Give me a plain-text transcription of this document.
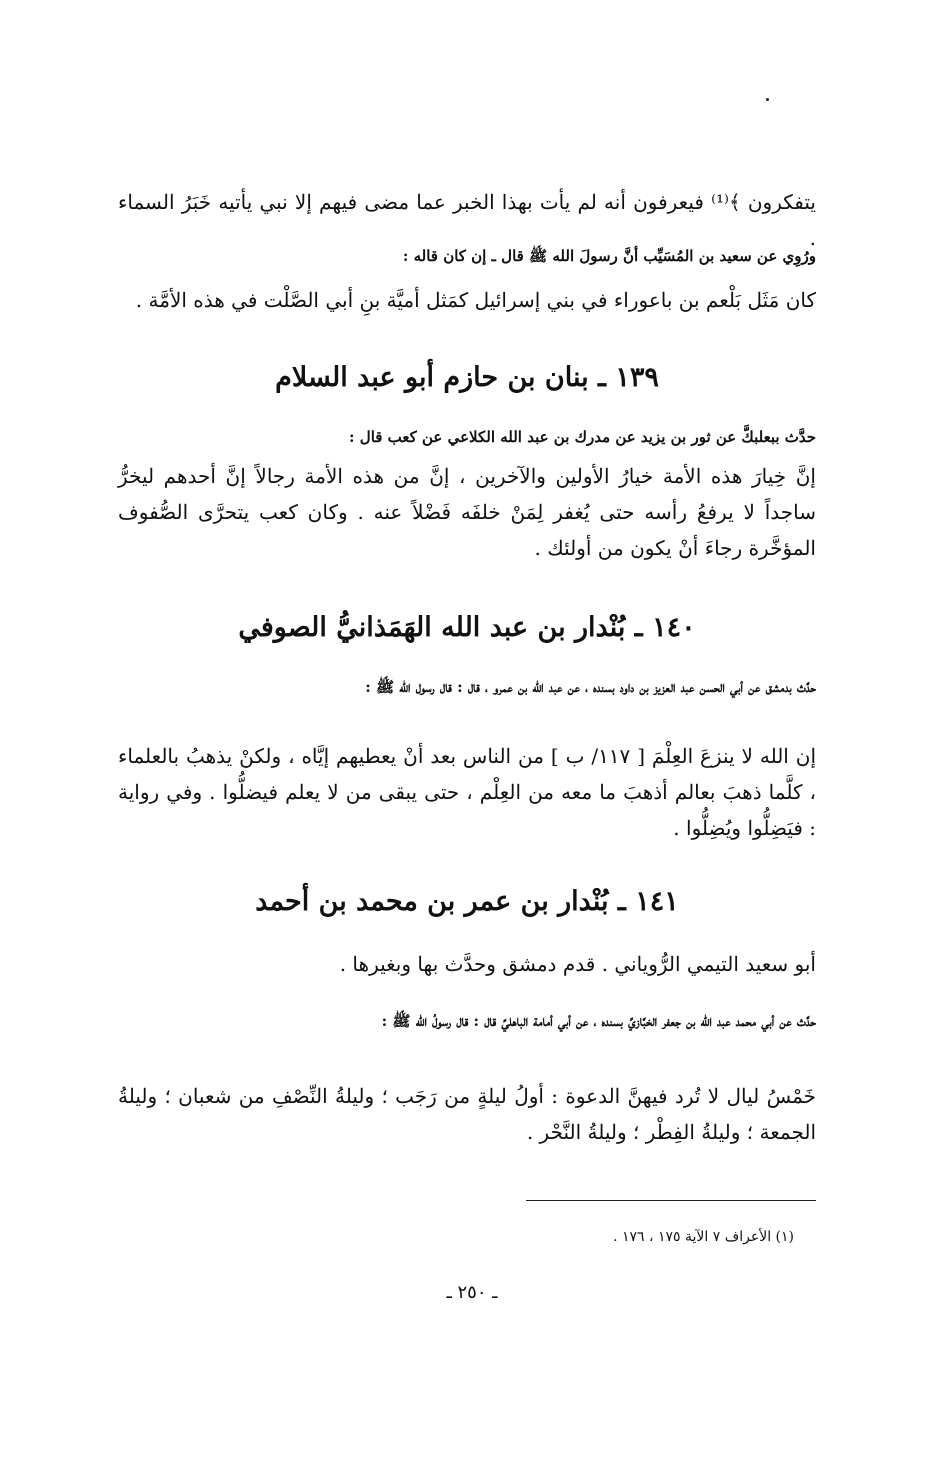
يتفكرون ﴾⁽¹⁾ فيعرفون أنه لم يأت بهذا الخبر عما مضى فيهم إلا نبي يأتيه خَبَرُ السماء .
ورُوِي عن سعيد بن المُسَيِّب أنَّ رسولَ الله ﷺ قال ـ إن كان قاله :
كان مَثَل بَلْعم بن باعوراء في بني إسرائيل كمَثل أميَّة بنِ أبي الصَّلْت في هذه الأمَّة .
١٣٩ ـ بنان بن حازم أبو عبد السلام
حدَّث ببعلبكَّ عن ثور بن يزيد عن مدرك بن عبد الله الكلاعي عن كعب قال :
إنَّ خِيارَ هذه الأمة خيارُ الأولين والآخرين ، إنَّ من هذه الأمة رجالاً إنَّ أحدهم ليخرُّ ساجداً لا يرفعُ رأسه حتى يُغفر لِمَنْ خلفَه فَضْلاً عنه . وكان كعب يتحرَّى الصُّفوف المؤخَّرة رجاءَ أنْ يكون من أولئك .
١٤٠ ـ بُنْدار بن عبد الله الهَمَذانيُّ الصوفي
حدَّث بدمشق عن أبي الحسن عبد العزيز بن داود بسنده ، عن عبد الله بن عمرو ، قال : قال رسول الله ﷺ :
إن الله لا ينزعَ العِلْمَ [ ١١٧/ ب ] من الناس بعد أنْ يعطيهم إيَّاه ، ولكنْ يذهبُ بالعلماء ، كلَّما ذهبَ بعالم أذهبَ ما معه من العِلْم ، حتى يبقى من لا يعلم فيضلُّوا . وفي رواية : فيَضِلُّوا ويُضِلُّوا .
١٤١ ـ بُنْدار بن عمر بن محمد بن أحمد
أبو سعيد التيمي الرُّوياني . قدم دمشق وحدَّث بها وبغيرها .
حدَّث عن أبي محمد عبد الله بن جعفر الخبَّازيِّ بسنده ، عن أبي أمامة الباهليِّ قال : قال رسولُ الله ﷺ :
خَمْسُ ليال لا تُرد فيهنَّ الدعوة : أولُ ليلةٍ من رَجَب ؛ وليلةُ النِّصْفِ من شعبان ؛ وليلةُ الجمعة ؛ وليلةُ الفِطْر ؛ وليلةُ النَّحْر .
(١) الأعراف ٧ الآية ١٧٥ ، ١٧٦ .
ـ ٢٥٠ ـ
